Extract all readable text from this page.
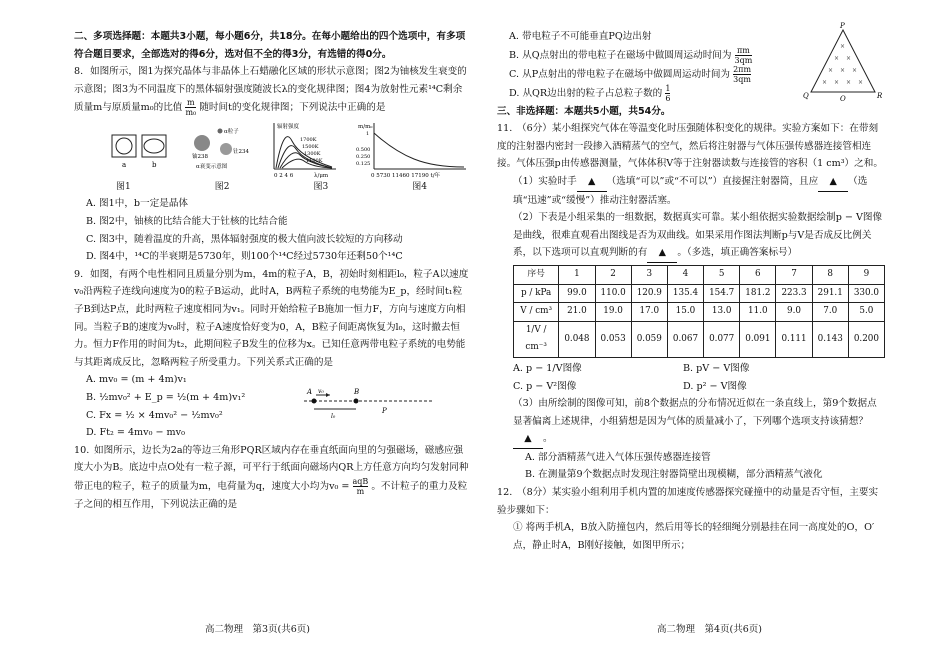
二、多项选择题：本题共3小题，每小题6分，共18分。在每小题给出的四个选项中，有多项符合题目要求，全部选对的得6分，选对但不全的得3分，有选错的得0分。

8. 如图所示，图1为探究晶体与非晶体上石蜡融化区域的形状示意图；图2为铀核发生衰变的示意图；图3为不同温度下的黑体辐射强度随波长λ的变化规律图；图4为放射性元素¹⁴C剩余质量m与原质量m₀的比值 $\frac{m}{\text{m₀}}$ 随时间t的变化规律图；下列说法中正确的是

a	b
α粒子
铀238
钍234
α衰变示意图
辐射强度
1700K
1500K
1300K
1100K
0 2 4 6	λ/μm
m/m₀
1
0.500
0.250
0.125
0 5730 11460 17190 t/年
图1	图2	图3	图4

A. 图1中，b一定是晶体

B. 图2中，铀核的比结合能大于钍核的比结合能

C. 图3中，随着温度的升高，黑体辐射强度的极大值向波长较短的方向移动

D. 图4中，¹⁴C的半衰期是5730年，则100个¹⁴C经过5730年还剩50个¹⁴C

9. 如图，有两个电性相同且质量分别为m，4m的粒子A，B，初始时刻相距l₀，粒子A以速度v₀沿两粒子连线向速度为0的粒子B运动，此时A，B两粒子系统的电势能为E_p，经时间t₁粒子B到达P点，此时两粒子速度相同为v₁。同时开始给粒子B施加一恒力F，方向与速度方向相同。当粒子B的速度为v₀时，粒子A速度恰好变为0，A，B粒子间距离恢复为l₀，这时撤去恒力。恒力F作用的时间为t₂，此期间粒子B发生的位移为x。已知任意两带电粒子系统的电势能与其距离成反比，忽略两粒子所受重力。下列关系式正确的是

A. mv₀ = (m + 4m)v₁

B. ½mv₀² + E_p = ½(m + 4m)v₁²

C. Fx = ½ × 4mv₀² − ½mv₀²

D. Ft₂ = 4mv₀ − mv₀

A v₀	B
l₀
P

10. 如图所示，边长为2a的等边三角形PQR区域内存在垂直纸面向里的匀强磁场，磁感应强度大小为B。底边中点O处有一粒子源，可平行于纸面向磁场内QR上方任意方向均匀发射同种带正电的粒子，粒子的质量为m，电荷量为q，速度大小均为$v_0 = \frac{\text{aqB}}{m}$ 。不计粒子的重力及粒子之间的相互作用，下列说法正确的是

高二物理　第3页(共6页)

A. 带电粒子不可能垂直PQ边出射

B. 从Q点射出的带电粒子在磁场中做圆周运动时间为 $\frac{\pi m}{3qm}$

C. 从P点射出的带电粒子在磁场中做圆周运动时间为 $\frac{2\pi m}{3qm}$

D. 从QR边出射的粒子占总粒子数的 $\frac{1}{6}$

×
× ×
× × ×
× × × ×
P
Q	O	R

三、非选择题：本题共5小题，共54分。

11. （6分）某小组探究气体在等温变化时压强随体积变化的规律。实验方案如下：在带刻度的注射器内密封一段掺入酒精蒸气的空气，然后将注射器与气体压强传感器连接管相连接。气体压强p由传感器测量，气体体积V等于注射器读数与连接管的容积（1 cm³）之和。

（1）实验时手 ▲ （选填“可以”或“不可以”）直接握注射器筒，且应 ▲ （选填“迅速”或“缓慢”）推动注射器活塞。

（2）下表是小组采集的一组数据，数据真实可靠。某小组依据实验数据绘制p − V图像是曲线，很难直观看出图线是否为双曲线。如果采用作图法判断p与V是否成反比例关系，以下选项可以直观判断的有 ▲ 。（多选，填正确答案标号）

序号	1	2	3	4	5	6	7	8	9
p / kPa	99.0	110.0	120.9	135.4	154.7	181.2	223.3	291.1	330.0
V / cm³	21.0	19.0	17.0	15.0	13.0	11.0	9.0	7.0	5.0
1/V / cm⁻³	0.048	0.053	0.059	0.067	0.077	0.091	0.111	0.143	0.200
A. p − 1/V图像	B. pV − V图像
C. p − V²图像	D. p² − V图像

（3）由所绘制的图像可知，前8个数据点的分布情况近似在一条直线上，第9个数据点显著偏离上述规律，小组猜想是因为气体的质量减小了，下列哪个选项支持该猜想？▲ 。

A. 部分酒精蒸气进入气体压强传感器连接管

B. 在测量第9个数据点时发现注射器筒壁出现模糊，部分酒精蒸气液化

12. （8分）某实验小组利用手机内置的加速度传感器探究碰撞中的动量是否守恒，主要实验步骤如下：

① 将两手机A，B放入防撞包内，然后用等长的轻细绳分别悬挂在同一高度处的O，O′点，静止时A，B刚好接触，如图甲所示；

高二物理　第4页(共6页)
